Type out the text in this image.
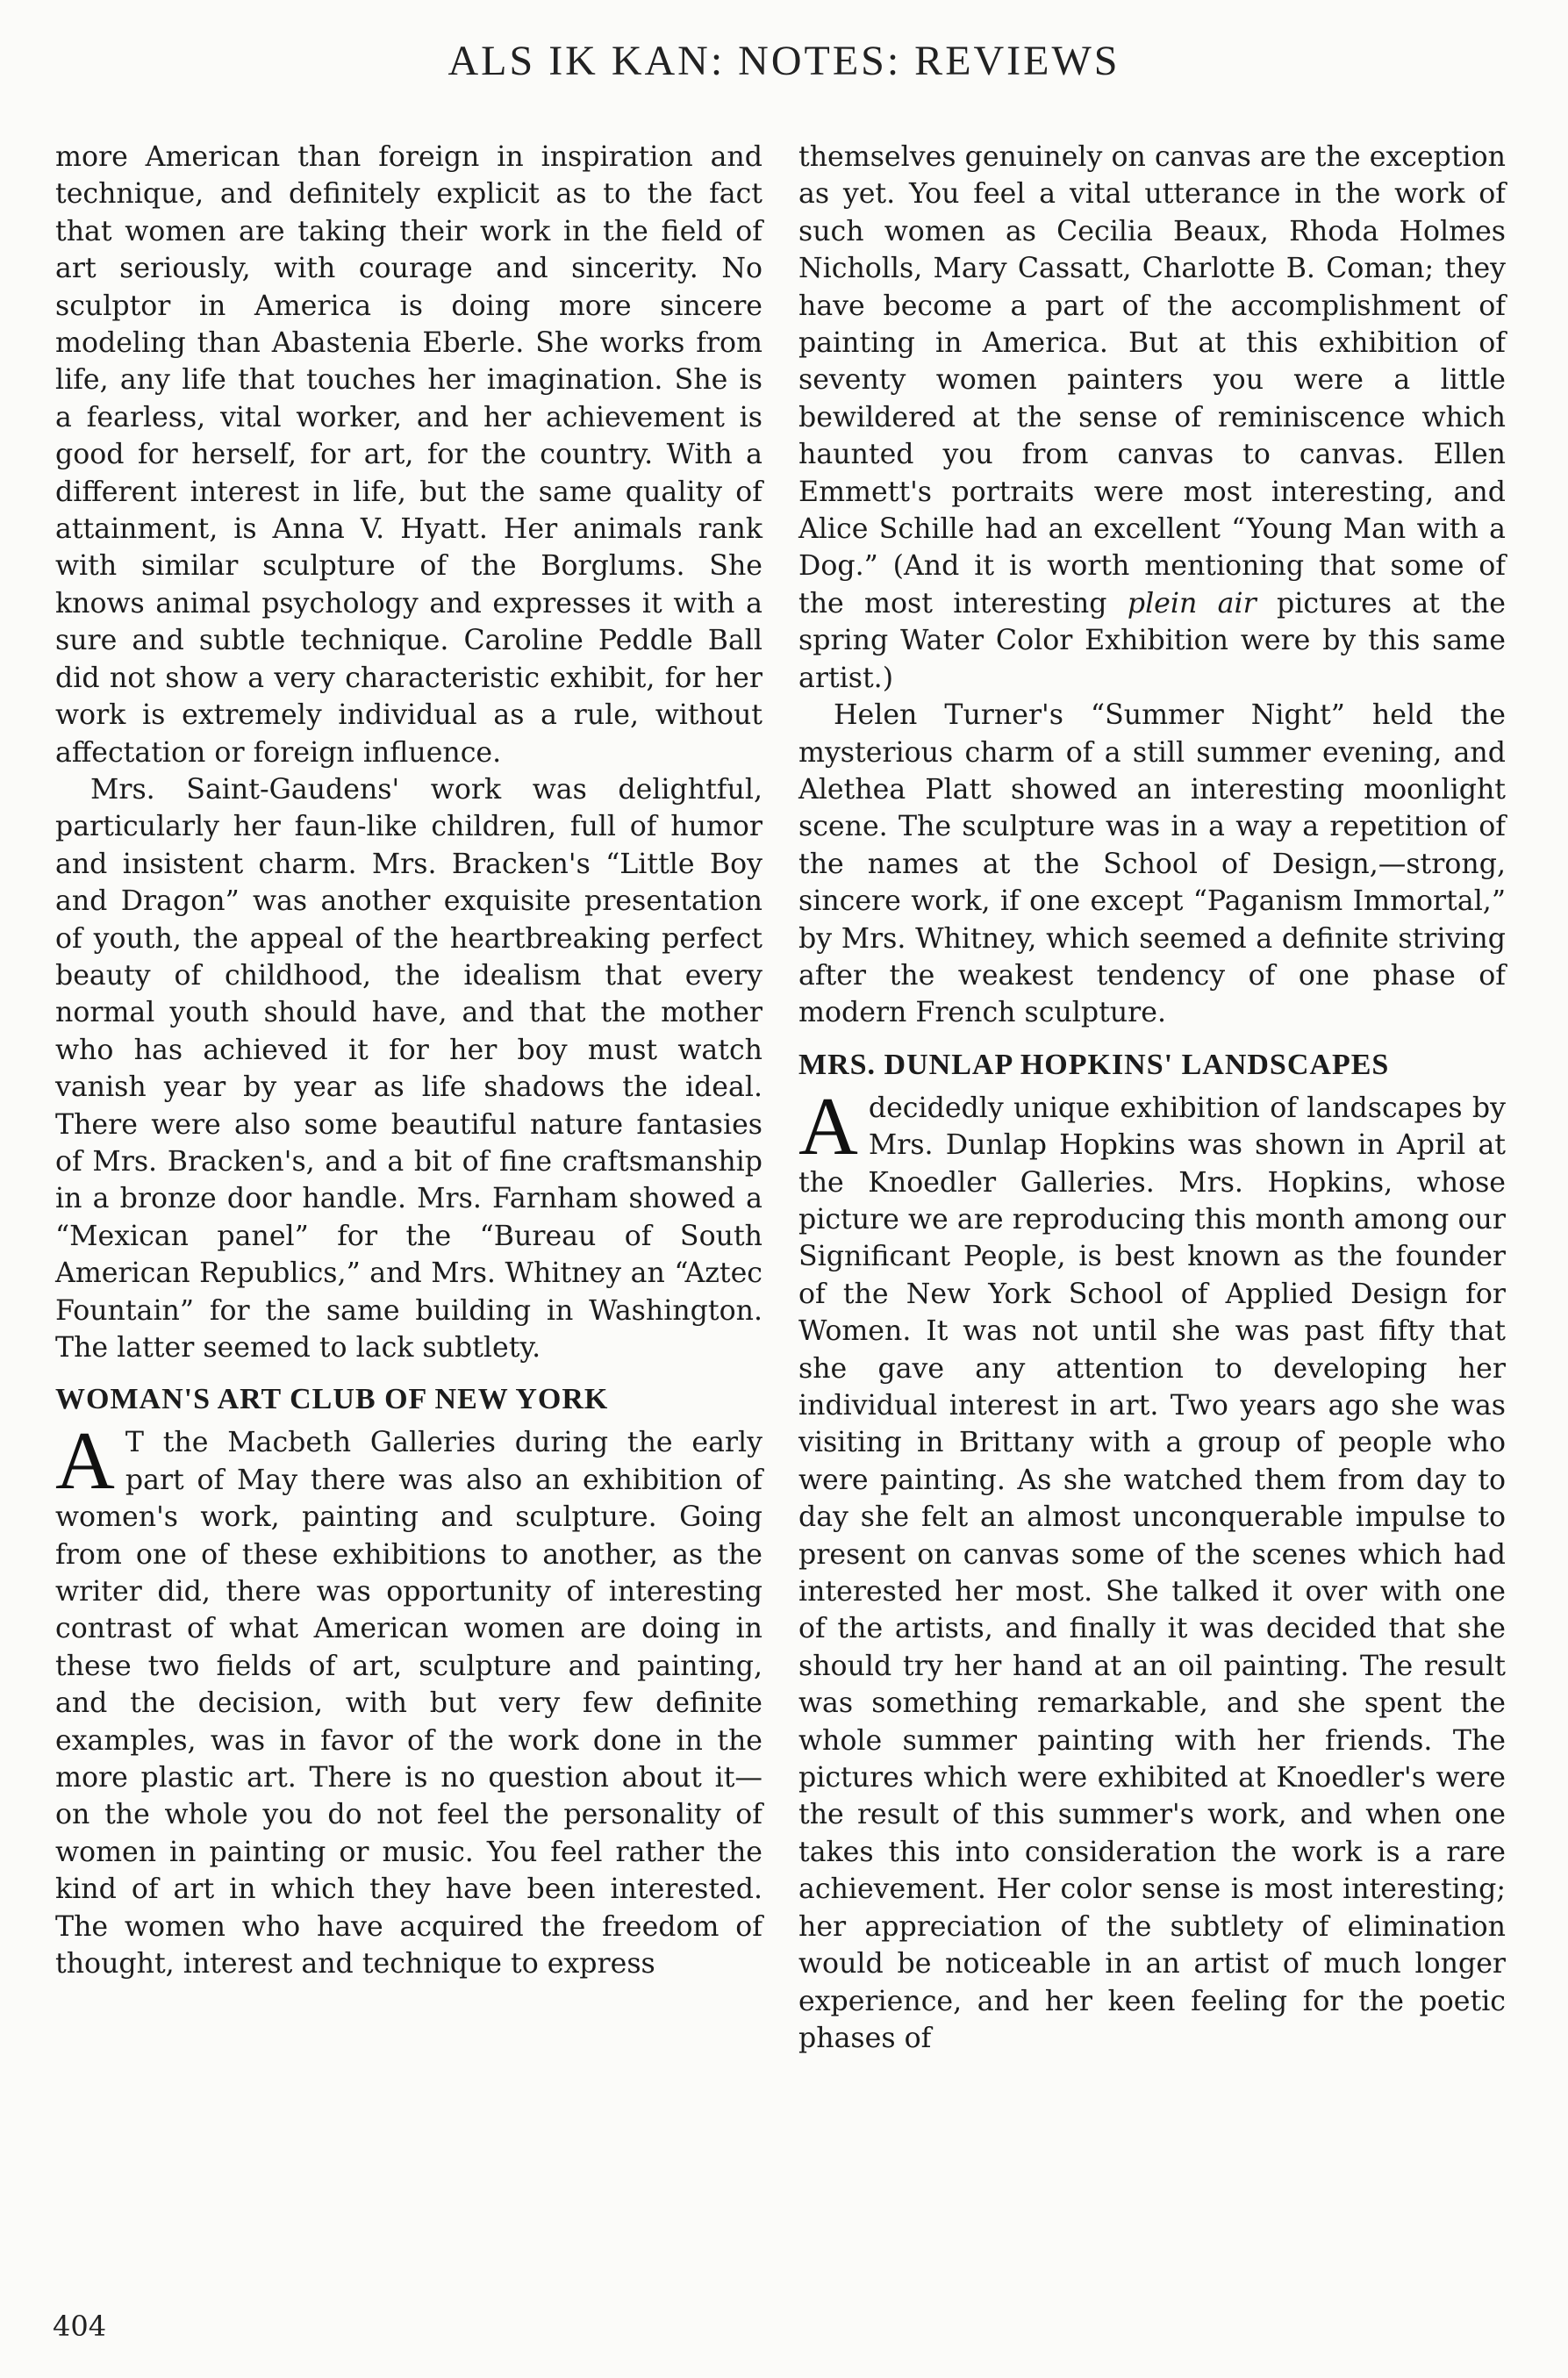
ALS IK KAN: NOTES: REVIEWS

more American than foreign in inspiration and technique, and definitely explicit as to the fact that women are taking their work in the field of art seriously, with courage and sincerity. No sculptor in America is doing more sincere modeling than Abastenia Eberle. She works from life, any life that touches her imagination. She is a fearless, vital worker, and her achievement is good for herself, for art, for the country. With a different interest in life, but the same quality of attainment, is Anna V. Hyatt. Her animals rank with similar sculpture of the Borglums. She knows animal psychology and expresses it with a sure and subtle technique. Caroline Peddle Ball did not show a very characteristic exhibit, for her work is extremely individual as a rule, without affectation or foreign influence.

Mrs. Saint-Gaudens' work was delightful, particularly her faun-like children, full of humor and insistent charm. Mrs. Bracken's “Little Boy and Dragon” was another exquisite presentation of youth, the appeal of the heartbreaking perfect beauty of childhood, the idealism that every normal youth should have, and that the mother who has achieved it for her boy must watch vanish year by year as life shadows the ideal. There were also some beautiful nature fantasies of Mrs. Bracken's, and a bit of fine craftsmanship in a bronze door handle. Mrs. Farnham showed a “Mexican panel” for the “Bureau of South American Republics,” and Mrs. Whitney an “Aztec Fountain” for the same building in Washington. The latter seemed to lack subtlety.

WOMAN'S ART CLUB OF NEW YORK

A T the Macbeth Galleries during the early part of May there was also an exhibition of women's work, painting and sculpture. Going from one of these exhibitions to another, as the writer did, there was opportunity of interesting contrast of what American women are doing in these two fields of art, sculpture and painting, and the decision, with but very few definite examples, was in favor of the work done in the more plastic art. There is no question about it—on the whole you do not feel the personality of women in painting or music. You feel rather the kind of art in which they have been interested. The women who have acquired the freedom of thought, interest and technique to express

themselves genuinely on canvas are the exception as yet. You feel a vital utterance in the work of such women as Cecilia Beaux, Rhoda Holmes Nicholls, Mary Cassatt, Charlotte B. Coman; they have become a part of the accomplishment of painting in America. But at this exhibition of seventy women painters you were a little bewildered at the sense of reminiscence which haunted you from canvas to canvas. Ellen Emmett's portraits were most interesting, and Alice Schille had an excellent “Young Man with a Dog.” (And it is worth mentioning that some of the most interesting plein air pictures at the spring Water Color Exhibition were by this same artist.)

Helen Turner's “Summer Night” held the mysterious charm of a still summer evening, and Alethea Platt showed an interesting moonlight scene. The sculpture was in a way a repetition of the names at the School of Design,—strong, sincere work, if one except “Paganism Immortal,” by Mrs. Whitney, which seemed a definite striving after the weakest tendency of one phase of modern French sculpture.

MRS. DUNLAP HOPKINS' LANDSCAPES

Adecidedly unique exhibition of landscapes by Mrs. Dunlap Hopkins was shown in April at the Knoedler Galleries. Mrs. Hopkins, whose picture we are reproducing this month among our Significant People, is best known as the founder of the New York School of Applied Design for Women. It was not until she was past fifty that she gave any attention to developing her individual interest in art. Two years ago she was visiting in Brittany with a group of people who were painting. As she watched them from day to day she felt an almost unconquerable impulse to present on canvas some of the scenes which had interested her most. She talked it over with one of the artists, and finally it was decided that she should try her hand at an oil painting. The result was something remarkable, and she spent the whole summer painting with her friends. The pictures which were exhibited at Knoedler's were the result of this summer's work, and when one takes this into consideration the work is a rare achievement. Her color sense is most interesting; her appreciation of the subtlety of elimination would be noticeable in an artist of much longer experience, and her keen feeling for the poetic phases of

404
